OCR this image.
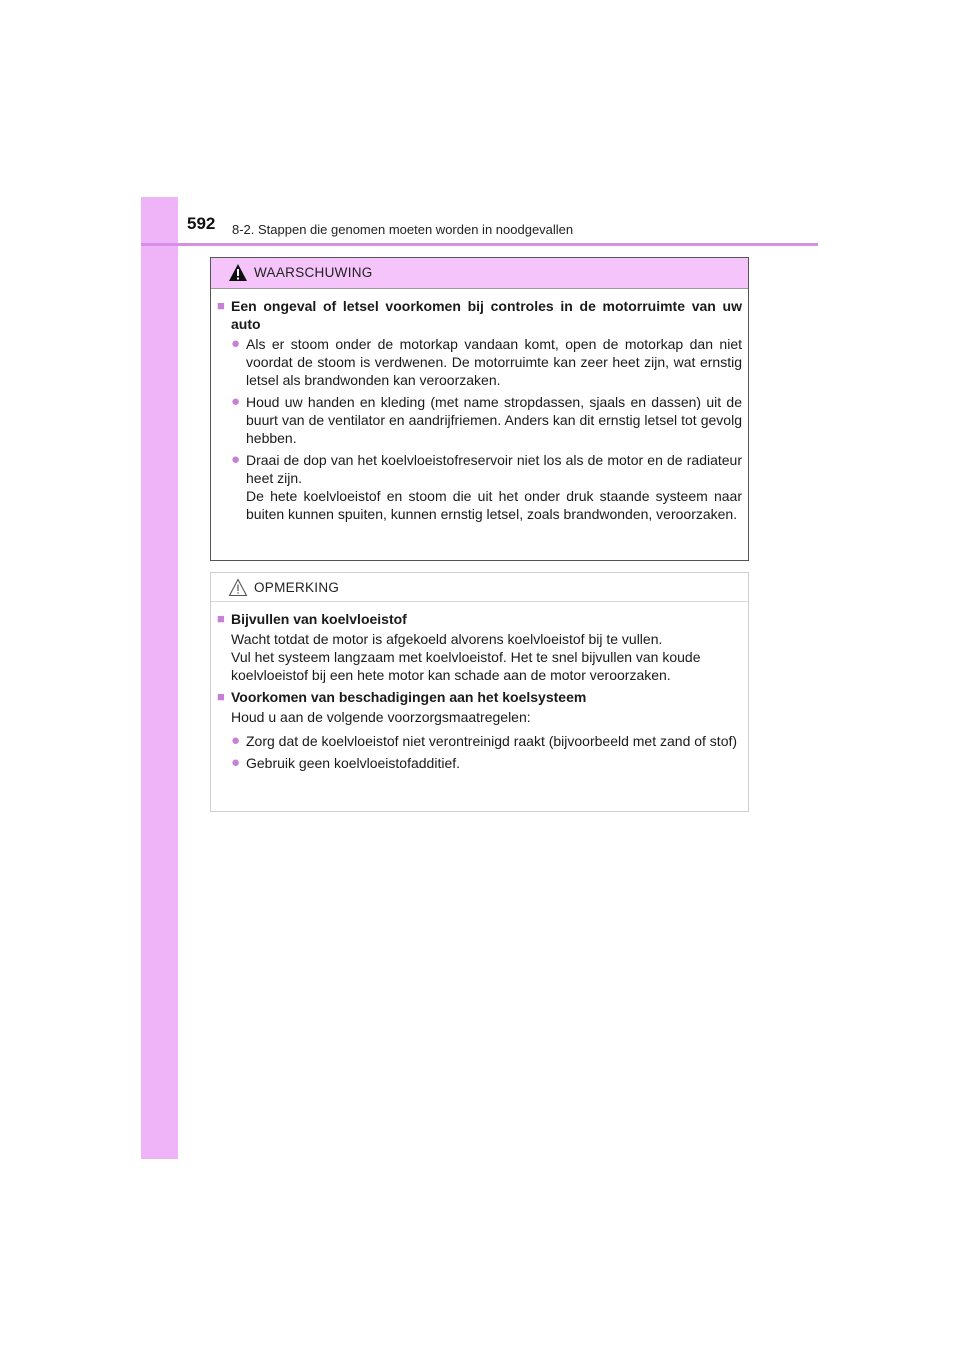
592 8-2. Stappen die genomen moeten worden in noodgevallen
WAARSCHUWING
■ Een ongeval of letsel voorkomen bij controles in de motorruimte van uw auto
● Als er stoom onder de motorkap vandaan komt, open de motorkap dan niet voordat de stoom is verdwenen. De motorruimte kan zeer heet zijn, wat ernstig letsel als brandwonden kan veroorzaken.
● Houd uw handen en kleding (met name stropdassen, sjaals en dassen) uit de buurt van de ventilator en aandrijfriemen. Anders kan dit ernstig letsel tot gevolg hebben.
● Draai de dop van het koelvloeistofreservoir niet los als de motor en de radiateur heet zijn.
De hete koelvloeistof en stoom die uit het onder druk staande systeem naar buiten kunnen spuiten, kunnen ernstig letsel, zoals brandwonden, veroorzaken.
OPMERKING
■ Bijvullen van koelvloeistof
Wacht totdat de motor is afgekoeld alvorens koelvloeistof bij te vullen.
Vul het systeem langzaam met koelvloeistof. Het te snel bijvullen van koude koelvloeistof bij een hete motor kan schade aan de motor veroorzaken.
■ Voorkomen van beschadigingen aan het koelsysteem
Houd u aan de volgende voorzorgsmaatregelen:
● Zorg dat de koelvloeistof niet verontreinigd raakt (bijvoorbeeld met zand of stof)
● Gebruik geen koelvloeistofadditief.
